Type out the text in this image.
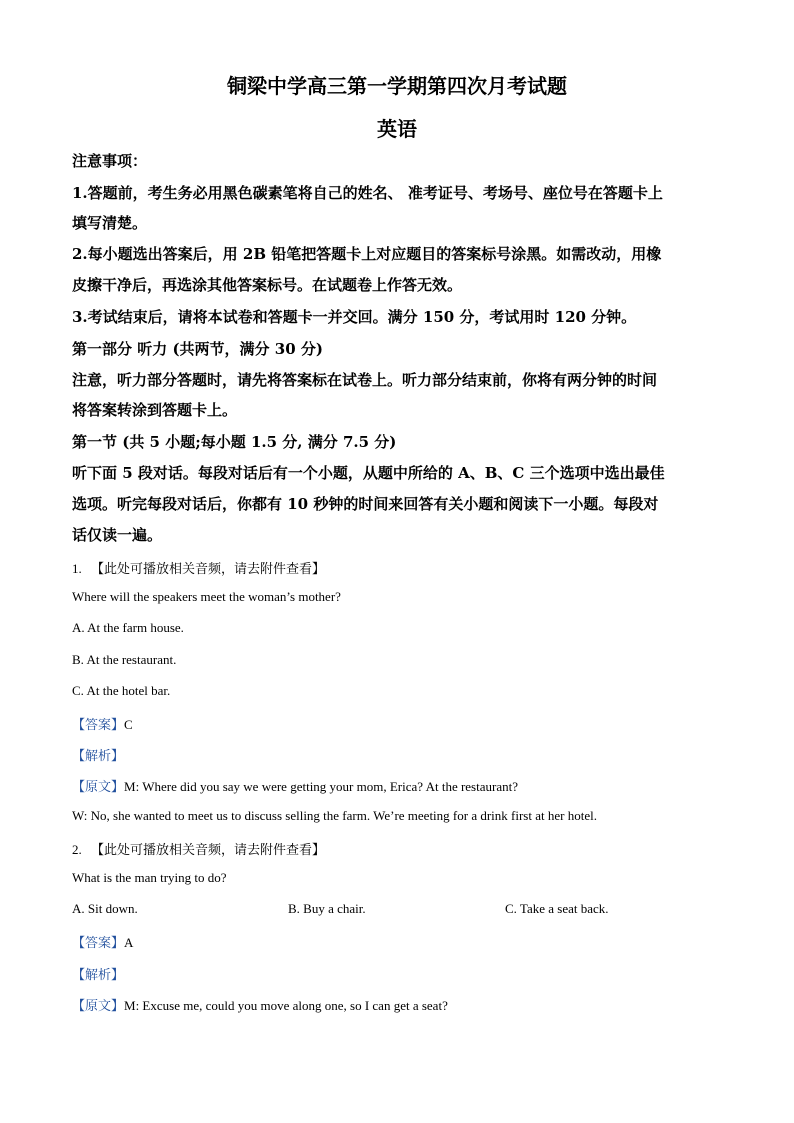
铜梁中学高三第一学期第四次月考试题
英语
注意事项：
1.答题前，考生务必用黑色碳素笔将自己的姓名、 准考证号、考场号、座位号在答题卡上
填写清楚。
2.每小题选出答案后，用 2B 铅笔把答题卡上对应题目的答案标号涂黑。如需改动，用橡
皮擦干净后，再选涂其他答案标号。在试题卷上作答无效。
3.考试结束后，请将本试卷和答题卡一并交回。满分 150 分，考试用时 120 分钟。
第一部分 听力 (共两节，满分 30 分)
注意，听力部分答题时，请先将答案标在试卷上。听力部分结束前，你将有两分钟的时间
将答案转涂到答题卡上。
第一节 (共 5 小题;每小题 1.5 分, 满分 7.5 分)
听下面 5 段对话。每段对话后有一个小题，从题中所给的 A、B、C 三个选项中选出最佳
选项。听完每段对话后，你都有 10 秒钟的时间来回答有关小题和阅读下一小题。每段对
话仅读一遍。
1. 【此处可播放相关音频，请去附件查看】
Where will the speakers meet the woman’s mother?
A. At the farm house.
B. At the restaurant.
C. At the hotel bar.
【答案】C
【解析】
【原文】M: Where did you say we were getting your mom, Erica? At the restaurant?
W: No, she wanted to meet us to discuss selling the farm. We’re meeting for a drink first at her hotel.
2. 【此处可播放相关音频，请去附件查看】
What is the man trying to do?
A. Sit down.	B. Buy a chair.	C. Take a seat back.
【答案】A
【解析】
【原文】M: Excuse me, could you move along one, so I can get a seat?
